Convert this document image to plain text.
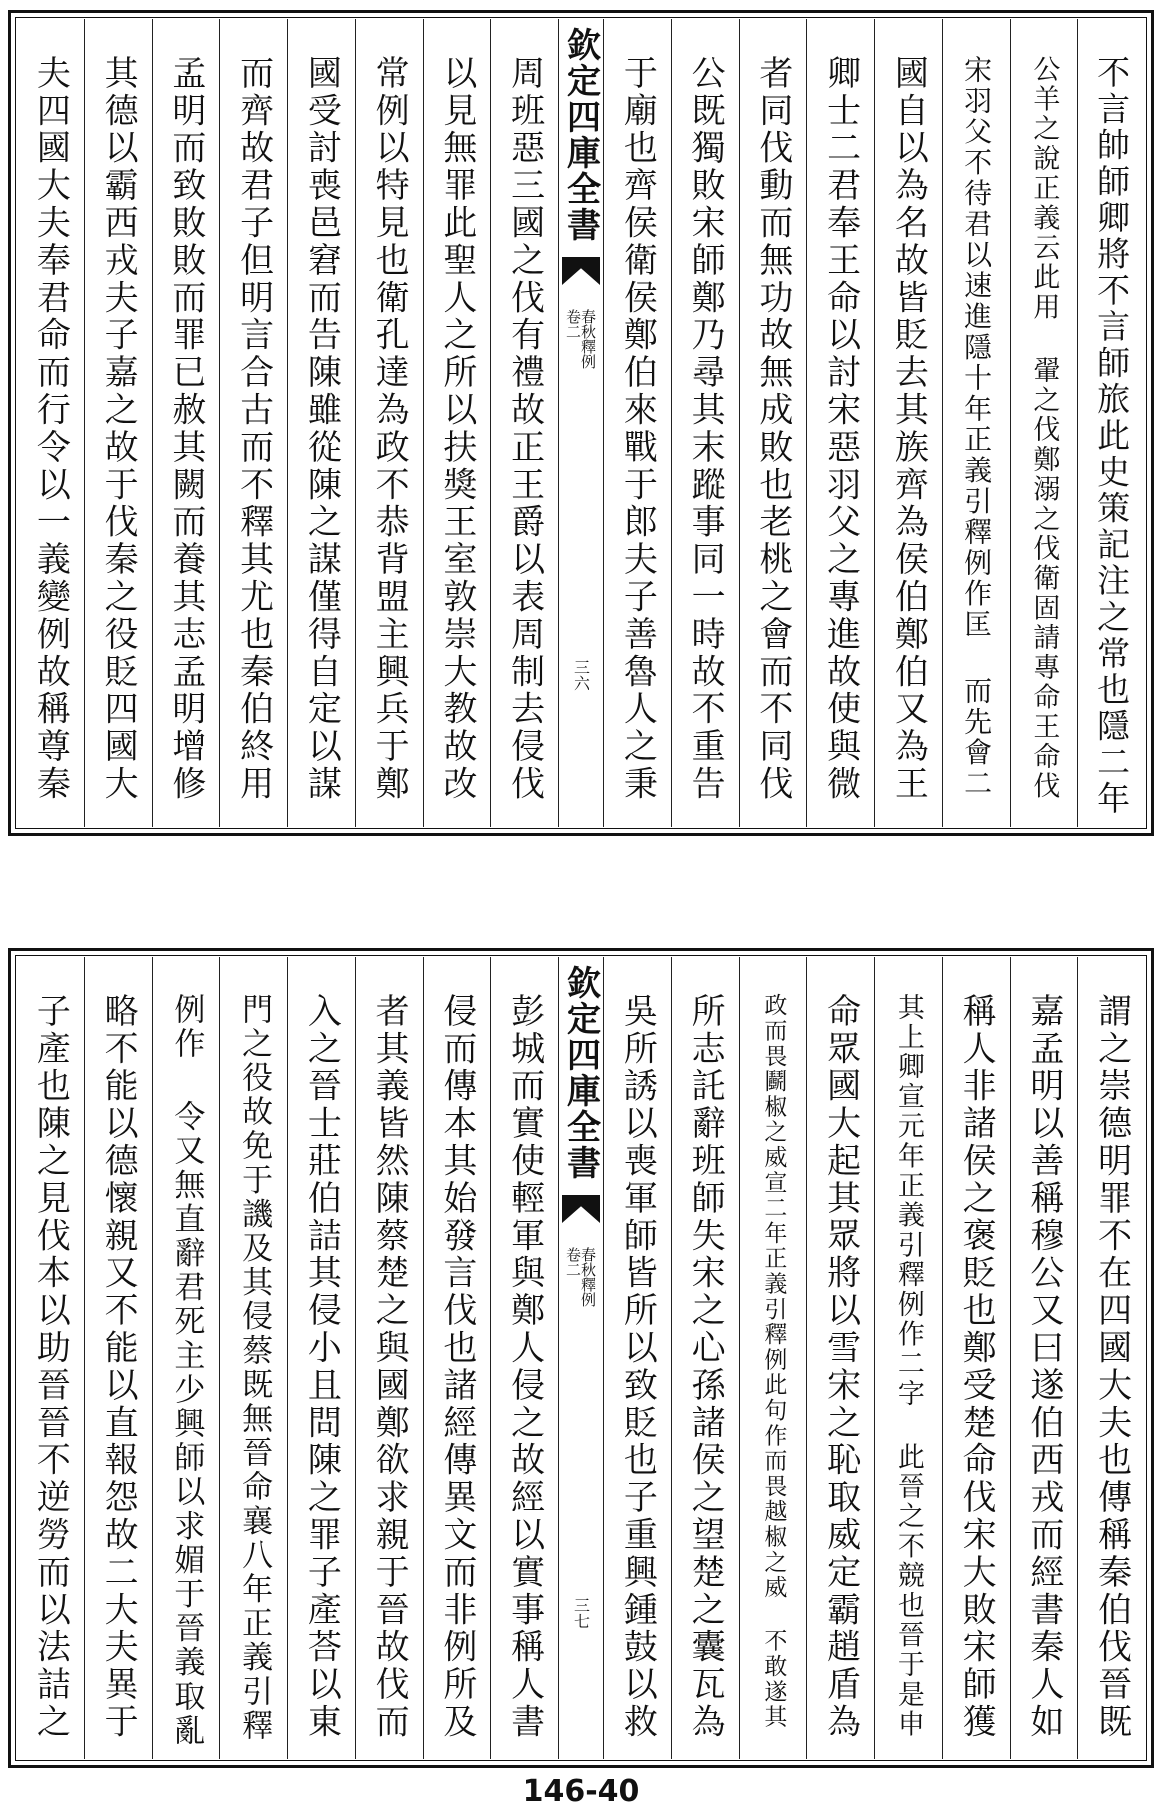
不言帥師卿將不言師旅此史策記注之常也隱二年
公羊之說正義云此用 翬之伐鄭溺之伐衛固請專命王命伐
宋羽父不待君以速進隱十年正義引釋例作匡 而先會二
國自以為名故皆貶去其族齊為侯伯鄭伯又為王
卿士二君奉王命以討宋惡羽父之專進故使與微
者同伐動而無功故無成敗也老桃之會而不同伐
公既獨敗宋師鄭乃尋其末蹤事同一時故不重告
于廟也齊侯衛侯鄭伯來戰于郎夫子善魯人之秉
欽定四庫全書
春秋釋例
卷二
三六
周班惡三國之伐有禮故正王爵以表周制去侵伐
以見無罪此聖人之所以扶獎王室敦崇大教故改
常例以特見也衛孔達為政不恭背盟主興兵于鄭
國受討喪邑窘而告陳雖從陳之謀僅得自定以謀
而齊故君子但明言合古而不釋其尤也秦伯終用
孟明而致敗敗而罪已赦其闕而養其志孟明增修
其德以霸西戎夫子嘉之故于伐秦之役貶四國大
夫四國大夫奉君命而行令以一義變例故稱尊秦
謂之崇德明罪不在四國大夫也傳稱秦伯伐晉既
嘉孟明以善稱穆公又曰遂伯西戎而經書秦人如
稱人非諸侯之褒貶也鄭受楚命伐宋大敗宋師獲
其上卿宣元年正義引釋例作二字 此晉之不競也晉于是申
命眾國大起其眾將以雪宋之恥取威定霸趙盾為
政而畏鬬椒之威宣二年正義引釋例此句作而畏越椒之威 不敢遂其
所志託辭班師失宋之心孫諸侯之望楚之囊瓦為
吳所誘以喪軍師皆所以致貶也子重興鍾鼓以救
欽定四庫全書
春秋釋例
卷二
三七
彭城而實使輕軍與鄭人侵之故經以實事稱人書
侵而傳本其始發言伐也諸經傳異文而非例所及
者其義皆然陳蔡楚之與國鄭欲求親于晉故伐而
入之晉士莊伯詰其侵小且問陳之罪子產荅以東
門之役故免于譏及其侵蔡既無晉命襄八年正義引釋
例作 令又無直辭君死主少興師以求媚于晉義取亂
略不能以德懷親又不能以直報怨故二大夫異于
子產也陳之見伐本以助晉晉不逆勞而以法詰之
146-40
